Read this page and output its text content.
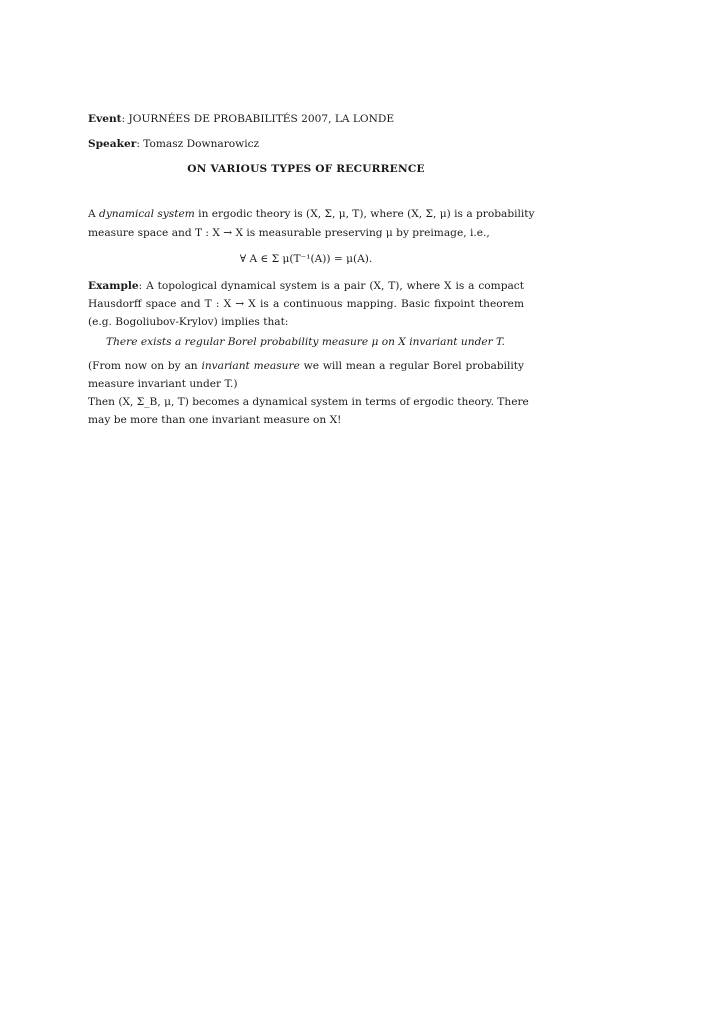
Event: JOURNÉES DE PROBABILITÉS 2007, LA LONDE
Speaker: Tomasz Downarowicz
ON VARIOUS TYPES OF RECURRENCE
A dynamical system in ergodic theory is (X, Σ, μ, T), where (X, Σ, μ) is a probability
measure space and T : X → X is measurable preserving μ by preimage, i.e.,
∀ A ∈ Σ μ(T⁻¹(A)) = μ(A).
Example: A topological dynamical system is a pair (X, T), where X is a compact
Hausdorff space and T : X → X is a continuous mapping. Basic fixpoint theorem
(e.g. Bogoliubov-Krylov) implies that:
There exists a regular Borel probability measure μ on X invariant under T.
(From now on by an invariant measure we will mean a regular Borel probability
measure invariant under T.)
Then (X, Σ_B, μ, T) becomes a dynamical system in terms of ergodic theory. There
may be more than one invariant measure on X!
